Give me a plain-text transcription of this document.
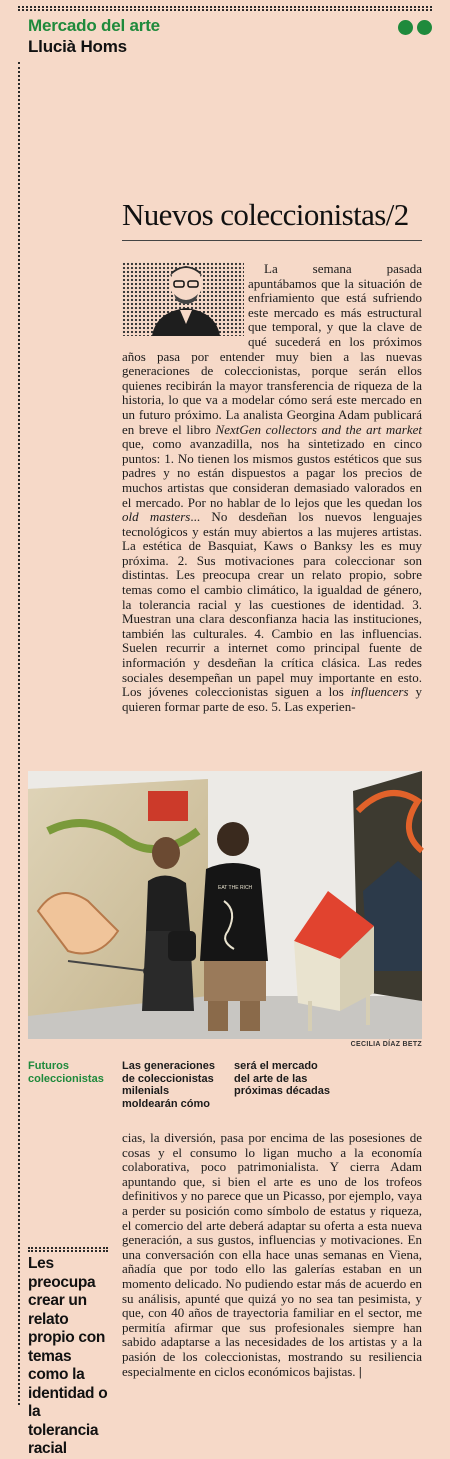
Mercado del arte
Llucià Homs
Nuevos coleccionistas/2

La semana pasada apuntábamos que la situación de enfriamiento que está sufriendo este mercado es más estructural que temporal, y que la clave de qué sucederá en los próximos años pasa por entender muy bien a las nuevas generaciones de coleccionistas, porque serán ellos quienes recibirán la mayor transferencia de riqueza de la historia, lo que va a modelar cómo será este mercado en un futuro próximo. La analista Georgina Adam publicará en breve el libro NextGen collectors and the art market que, como avanzadilla, nos ha sintetizado en cinco puntos: 1. No tienen los mismos gustos estéticos que sus padres y no están dispuestos a pagar los precios de muchos artistas que consideran demasiado valorados en el mercado. Por no hablar de lo lejos que les quedan los old masters... No desdeñan los nuevos lenguajes tecnológicos y están muy abiertos a las mujeres artistas. La estética de Basquiat, Kaws o Banksy les es muy próxima. 2. Sus motivaciones para coleccionar son distintas. Les preocupa crear un relato propio, sobre temas como el cambio climático, la igualdad de género, la tolerancia racial y las cuestiones de identidad. 3. Muestran una clara desconfianza hacia las instituciones, también las culturales. 4. Cambio en las influencias. Suelen recurrir a internet como principal fuente de información y desdeñan la crítica clásica. Las redes sociales desempeñan un papel muy importante en esto. Los jóvenes coleccionistas siguen a los influencers y quieren formar parte de eso. 5. Las experien-

EAT THE RICH
CECILIA DÍAZ BETZ
Futuros coleccionistas
Las generaciones de coleccionistas milenials moldearán cómo
será el mercado del arte de las próximas décadas

cias, la diversión, pasa por encima de las posesiones de cosas y el consumo lo ligan mucho a la economía colaborativa, poco patrimonialista. Y cierra Adam apuntando que, si bien el arte es uno de los trofeos definitivos y no parece que un Picasso, por ejemplo, vaya a perder su posición como símbolo de estatus y riqueza, el comercio del arte deberá adaptar su oferta a esta nueva generación, a sus gustos, influencias y motivaciones. En una conversación con ella hace unas semanas en Viena, añadía que por todo ello las galerías estaban en un momento delicado. No pudiendo estar más de acuerdo en su análisis, apunté que quizá yo no sea tan pesimista, y que, con 40 años de trayectoria familiar en el sector, me permitía afirmar que sus profesionales siempre han sabido adaptarse a las necesidades de los artistas y a la pasión de los coleccionistas, mostrando su resiliencia especialmente en ciclos económicos bajistas. |

Les preocupa crear un relato propio con temas como la identidad o la tolerancia racial
